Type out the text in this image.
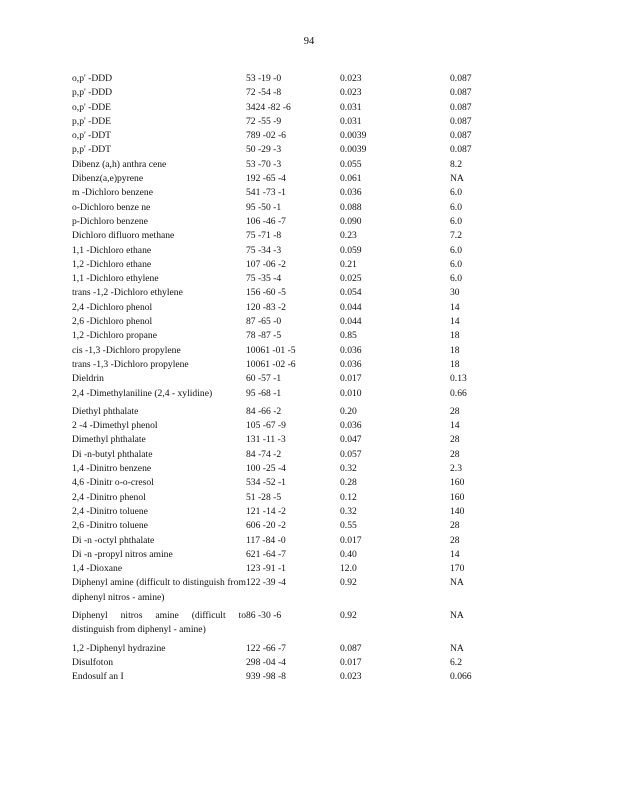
94
o,p' -DDD	53 -19 -0	0.023	0.087
p,p' -DDD	72 -54 -8	0.023	0.087
o,p' -DDE	3424 -82 -6	0.031	0.087
p,p' -DDE	72 -55 -9	0.031	0.087
o,p' -DDT	789 -02 -6	0.0039	0.087
p,p' -DDT	50 -29 -3	0.0039	0.087
Dibenz (a,h) anthra cene	53 -70 -3	0.055	8.2
Dibenz(a,e)pyrene	192 -65 -4	0.061	NA
m -Dichloro benzene	541 -73 -1	0.036	6.0
o-Dichloro benze ne	95 -50 -1	0.088	6.0
p-Dichloro benzene	106 -46 -7	0.090	6.0
Dichloro difluoro methane	75 -71 -8	0.23	7.2
1,1 -Dichloro ethane	75 -34 -3	0.059	6.0
1,2 -Dichloro ethane	107 -06 -2	0.21	6.0
1,1 -Dichloro ethylene	75 -35 -4	0.025	6.0
trans -1,2 -Dichloro ethylene	156 -60 -5	0.054	30
2,4 -Dichloro phenol	120 -83 -2	0.044	14
2,6 -Dichloro phenol	87 -65 -0	0.044	14
1,2 -Dichloro propane	78 -87 -5	0.85	18
cis -1,3 -Dichloro propylene	10061 -01 -5	0.036	18
trans -1,3 -Dichloro propylene	10061 -02 -6	0.036	18
Dieldrin	60 -57 -1	0.017	0.13
2,4 -Dimethylaniline (2,4 - xylidine)	95 -68 -1	0.010	0.66
Diethyl phthalate	84 -66 -2	0.20	28
2 -4 -Dimethyl phenol	105 -67 -9	0.036	14
Dimethyl phthalate	131 -11 -3	0.047	28
Di -n-butyl phthalate	84 -74 -2	0.057	28
1,4 -Dinitro benzene	100 -25 -4	0.32	2.3
4,6 -Dinitr o-o-cresol	534 -52 -1	0.28	160
2,4 -Dinitro phenol	51 -28 -5	0.12	160
2,4 -Dinitro toluene	121 -14 -2	0.32	140
2,6 -Dinitro toluene	606 -20 -2	0.55	28
Di -n -octyl phthalate	117 -84 -0	0.017	28
Di -n -propyl nitros amine	621 -64 -7	0.40	14
1,4 -Dioxane	123 -91 -1	12.0	170
Diphenyl amine (difficult to distinguish from diphenyl nitros - amine)	122 -39 -4	0.92	NA
Diphenyl nitros amine (difficult to distinguish from diphenyl - amine)	86 -30 -6	0.92	NA
1,2 -Diphenyl hydrazine	122 -66 -7	0.087	NA
Disulfoton	298 -04 -4	0.017	6.2
Endosulf an I	939 -98 -8	0.023	0.066
